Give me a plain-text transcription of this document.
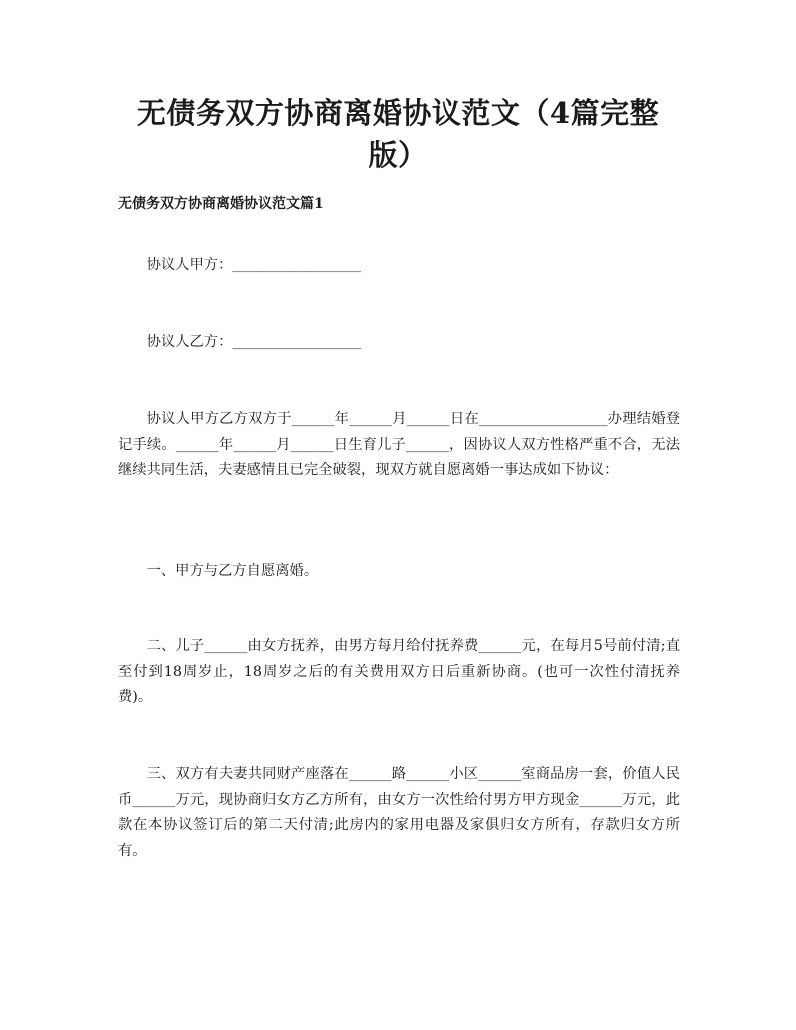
无债务双方协商离婚协议范文（4篇完整版）
无债务双方协商离婚协议范文篇1

协议人甲方：__________________

协议人乙方：__________________

协议人甲方乙方双方于______年______月______日在__________________办理结婚登记手续。______年______月______日生育儿子______，因协议人双方性格严重不合，无法继续共同生活，夫妻感情且已完全破裂，现双方就自愿离婚一事达成如下协议：

一、甲方与乙方自愿离婚。

二、儿子______由女方抚养，由男方每月给付抚养费______元，在每月5号前付清;直至付到18周岁止，18周岁之后的有关费用双方日后重新协商。(也可一次性付清抚养费)。

三、双方有夫妻共同财产座落在______路______小区______室商品房一套，价值人民币______万元，现协商归女方乙方所有，由女方一次性给付男方甲方现金______万元，此款在本协议签订后的第二天付清;此房内的家用电器及家俱归女方所有，存款归女方所有。
